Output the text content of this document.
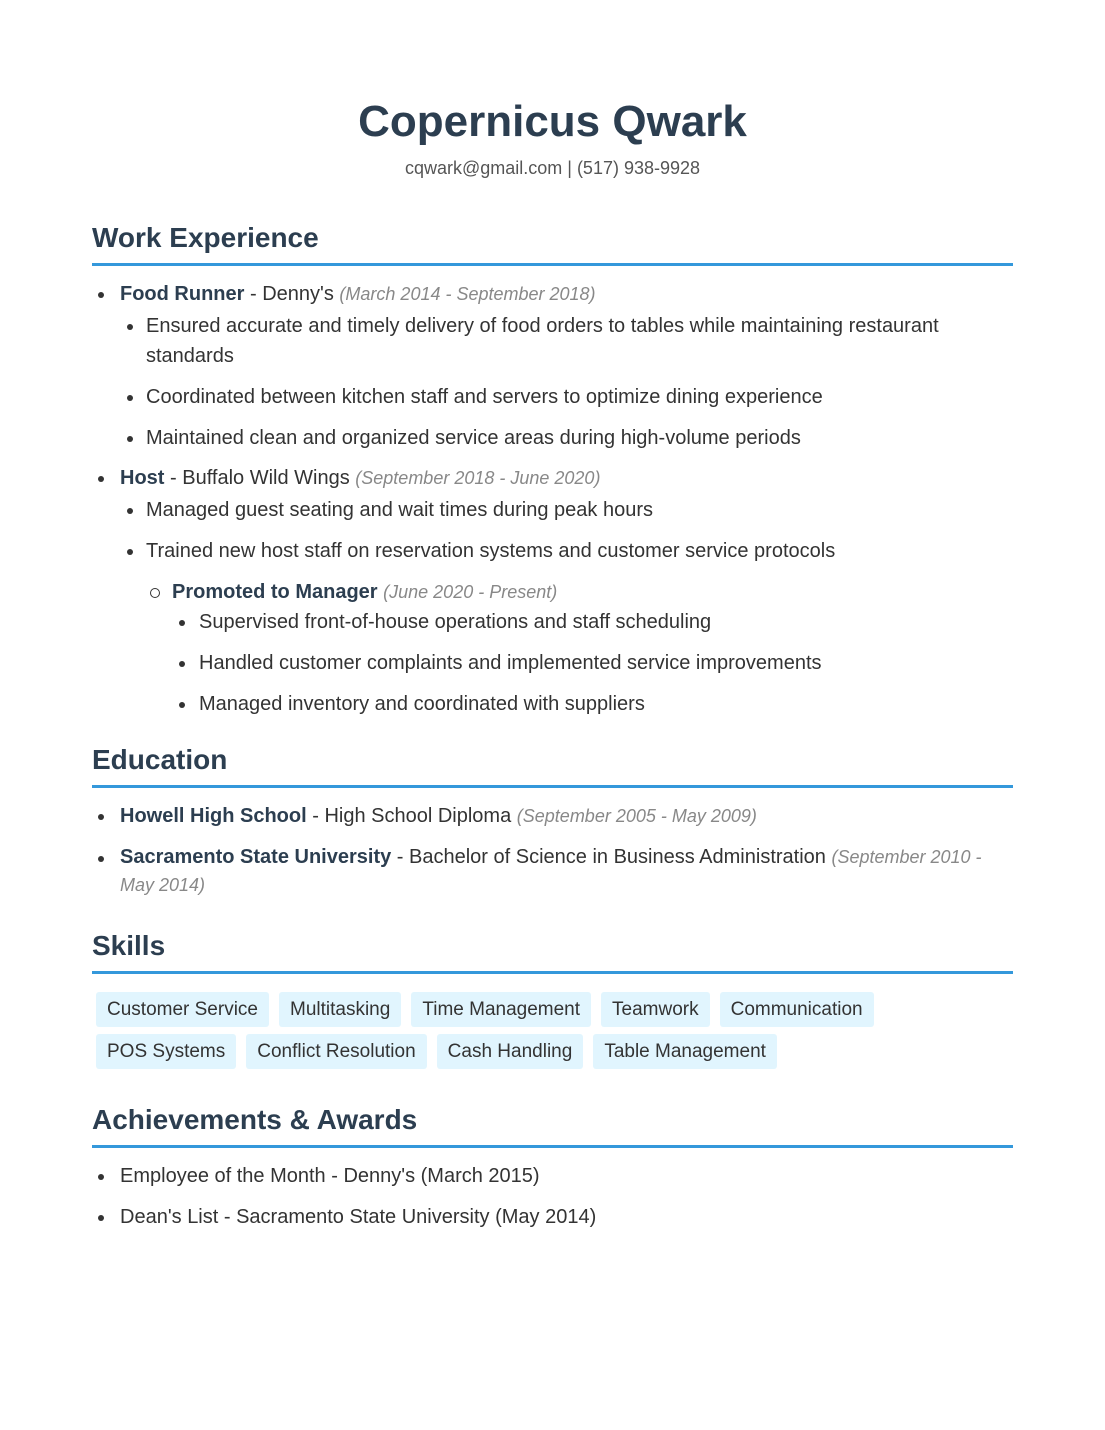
Copernicus Qwark
cqwark@gmail.com | (517) 938-9928
Work Experience
Food Runner - Denny's (March 2014 - September 2018)
Ensured accurate and timely delivery of food orders to tables while maintaining restaurant standards
Coordinated between kitchen staff and servers to optimize dining experience
Maintained clean and organized service areas during high-volume periods
Host - Buffalo Wild Wings (September 2018 - June 2020)
Managed guest seating and wait times during peak hours
Trained new host staff on reservation systems and customer service protocols
Promoted to Manager (June 2020 - Present)
Supervised front-of-house operations and staff scheduling
Handled customer complaints and implemented service improvements
Managed inventory and coordinated with suppliers
Education
Howell High School - High School Diploma (September 2005 - May 2009)
Sacramento State University - Bachelor of Science in Business Administration (September 2010 - May 2014)
Skills
Customer Service	Multitasking	Time Management	Teamwork	Communication
POS Systems	Conflict Resolution	Cash Handling	Table Management
Achievements & Awards
Employee of the Month - Denny's (March 2015)
Dean's List - Sacramento State University (May 2014)
